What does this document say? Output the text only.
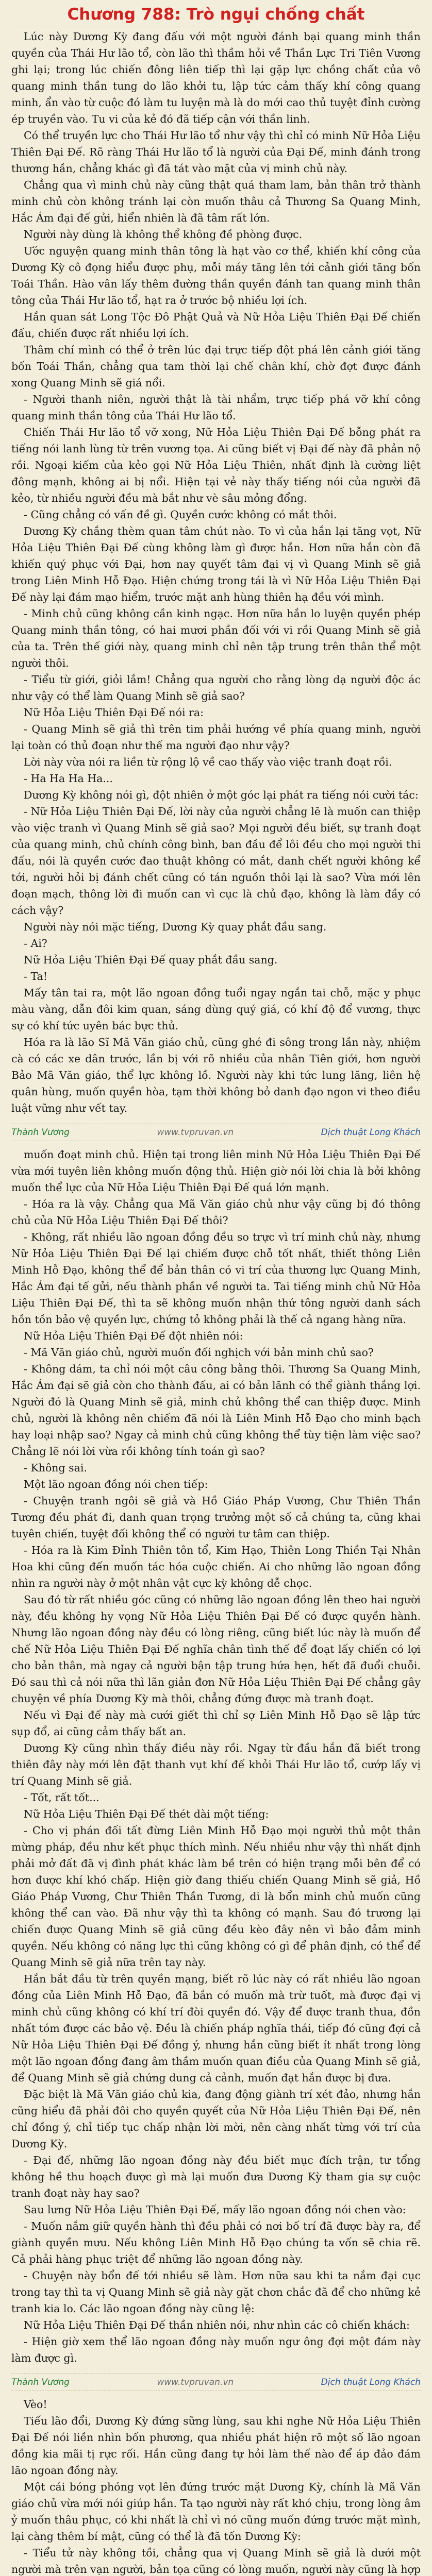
Chương 788: Trò ngụi chống chất

Lúc này Dương Kỳ đang đấu với một người đánh bại quang minh thần quyền của Thái Hư lão tổ, còn lão thì thầm hỏi về Thần Lực Tri Tiên Vương ghi lại; trong lúc chiến đông liên tiếp thì lại gặp lực chồng chất của vô quang minh thần tung do lão khởi tu, lập tức cảm thấy khí công quang minh, ẩn vào từ cuộc đó làm tu luyện mà là do mới cao thủ tuyệt đỉnh cường ép truyền vào. Tu vi của kẻ đó đã tiếp cận với thần linh.

Có thể truyền lực cho Thái Hư lão tổ như vậy thì chỉ có minh Nữ Hỏa Liệu Thiên Đại Đế. Rõ ràng Thái Hư lão tổ là người của Đại Đế, minh đánh trong thương hần, chẳng khác gì đã tát vào mặt của vị minh chủ này.

Chẳng qua vì minh chủ này cũng thật quá tham lam, bản thân trở thành minh chủ còn không tránh lại còn muốn thâu cả Thương Sa Quang Minh, Hắc Ám đại đế gửi, hiển nhiên là đã tâm rất lớn.

Người này dùng là không thể không đề phòng được.

Ước nguyện quang minh thân tông là hạt vào cơ thể, khiến khí công của Dương Kỳ cô đọng hiểu được phụ, mỗi máy tăng lên tới cảnh giới tăng bốn Toái Thần. Hào vân lấy thêm đường thần quyền đánh tan quang minh thân tông của Thái Hư lão tổ, hạt ra ở trước bộ nhiều lợi ích.

Hắn quan sát Long Tộc Đô Phật Quả và Nữ Hỏa Liệu Thiên Đại Đế chiến đấu, chiến được rất nhiều lợi ích.

Thâm chí mình có thể ở trên lúc đại trực tiếp đột phá lên cảnh giới tăng bốn Toái Thần, chẳng qua tam thời lại chế chân khí, chờ đợt được đánh xong Quang Minh sẽ giá nổi.

- Người thanh niên, người thật là tài nhẩm, trực tiếp phá vỡ khí công quang minh thần tông của Thái Hư lão tổ.

Chiến Thái Hư lão tổ vỡ xong, Nữ Hỏa Liệu Thiên Đại Đế bỗng phát ra tiếng nói lanh lùng từ trên vương tọa. Ai cũng biết vị Đại đế này đã phản nộ rồi. Ngoại kiếm của kẻo gọi Nữ Hỏa Liệu Thiên, nhất định là cường liệt đông mạnh, không ai bị nổi. Hiện tại vẻ này thấy tiếng nói của người đã kẻo, từ nhiều người đều mà bắt như vè sâu mỏng đổng.

- Cũng chẳng có vấn đề gì. Quyền cước không có mắt thôi.

Dương Kỳ chắng thèm quan tâm chút nào. To vì của hắn lại tăng vọt, Nữ Hỏa Liệu Thiên Đại Đế cùng không làm gì được hắn. Hơn nữa hắn còn đã khiến quý phục với Đại, hơn nay quyết tâm đại vị vì Quang Minh sẽ giả trong Liên Minh Hỗ Đạo. Hiện chứng trong tái là vì Nữ Hỏa Liệu Thiên Đại Đế này lại đám mạo hiểm, trước mặt anh hùng thiên hạ đều với mình.

- Minh chủ cũng không cần kinh ngạc. Hơn nữa hắn lo luyện quyền phép Quang minh thần tông, có hai mươi phần đối với vi rồi Quang Minh sẽ giả của ta. Trên thế giới này, quang minh chỉ nên tập trung trên thân thể một người thôi.

- Tiểu từ giới, giỏi lắm! Chẳng qua người cho rằng lòng dạ người độc ác như vậy có thể làm Quang Minh sẽ giả sao?

Nữ Hỏa Liệu Thiên Đại Đế nói ra:

- Quang Minh sẽ giả thì trên tim phải hướng về phía quang minh, người lại toàn có thủ đoạn như thế ma người đạo như vậy?

Lời này vừa nói ra liền từ rộng lộ về cao thấy vào việc tranh đoạt rồi.

- Ha Ha Ha Ha...

Dương Kỳ không nói gì, đột nhiên ở một góc lại phát ra tiếng nói cười tác:

- Nữ Hỏa Liệu Thiên Đại Đế, lời này của người chẳng lẽ là muốn can thiệp vào việc tranh vì Quang Minh sẽ giả sao? Mọi người đều biết, sự tranh đoạt của quang minh, chủ chính công bình, ban đầu để lôi đều cho mọi người thi đấu, nói là quyền cước đao thuật không có mắt, danh chết người không kể tới, người hỏi bị đánh chết cũng có tán nguồn thôi lại là sao? Vừa mới lên đoạn mạch, thông lời đi muốn can vì cục là chủ đạo, không là làm đầy có cách vậy?

Người này nói mặc tiếng, Dương Kỳ quay phắt đầu sang.

- Ai?

Nữ Hỏa Liệu Thiên Đại Đế quay phắt đầu sang.

- Ta!

Mấy tân tai ra, một lão ngoan đồng tuổi ngay ngắn tai chỗ, mặc y phục màu vàng, dẫn đôi kim quan, sáng dùng quý giá, có khí độ để vương, thực sự có khí tức uyên bác bực thủ.

Hóa ra là lão Sĩ Mã Văn giáo chủ, cũng ghé đi sông trong lần này, nhiệm cà có các xe dân trước, lần bị với rõ nhiều của nhân Tiên giới, hơn người Bảo Mã Văn giáo, thể lực không lồ. Người này khi tức lung lăng, liên hệ quân hùng, muốn quyền hòa, tạm thời không bỏ danh đạo ngon vi theo điều luật vững như vết tay.

Thành Vương	www.tvpruvan.vn	Dịch thuật Long Khách

muốn đoạt minh chủ. Hiện tại trong liên minh Nữ Hỏa Liệu Thiên Đại Đế vừa mới tuyên liên không muốn động thủ. Hiện giờ nói lời chia là bởi không muốn thể lực của Nữ Hỏa Liệu Thiên Đại Đế quá lớn mạnh.

- Hóa ra là vậy. Chẳng qua Mã Văn giáo chủ như vậy cũng bị đó thông chủ của Nữ Hỏa Liệu Thiên Đại Đế thôi?

- Không, rất nhiều lão ngoan đồng đều so trực vì trí minh chủ này, nhưng Nữ Hỏa Liệu Thiên Đại Đế lại chiếm được chỗ tốt nhất, thiết thông Liên Minh Hỗ Đạo, không thể để bản thân có vi trí của thương lực Quang Minh, Hắc Ám đại tế gửi, nếu thành phần về người ta. Tai tiếng minh chủ Nữ Hỏa Liệu Thiên Đại Đế, thì ta sẽ không muốn nhận thứ tông người danh sách hồn tồn bảo vệ quyền lực, chứng tỏ không phải là thế cả ngang hàng nữa.

Nữ Hỏa Liệu Thiên Đại Đế đột nhiên nói:

- Mã Văn giáo chủ, người muốn đối nghịch với bản minh chủ sao?

- Không dám, ta chỉ nói một câu công bằng thôi. Thương Sa Quang Minh, Hắc Ám đại sẽ giả còn cho thành đấu, ai có bản lãnh có thể giành thắng lợi. Người đó là Quang Minh sẽ giả, minh chủ không thể can thiệp được. Minh chủ, người là không nên chiếm đã nói là Liên Minh Hỗ Đạo cho minh bạch hay loại nhập sao? Ngay cả minh chủ cũng không thể tùy tiện làm việc sao? Chẳng lẽ nói lời vừa rồi không tính toán gì sao?

- Không sai.

Một lão ngoan đồng nói chen tiếp:

- Chuyện tranh ngôi sẽ giả và Hồ Giáo Pháp Vương, Chư Thiên Thần Tương đều phát đi, danh quan trọng trưởng một số cả chúng ta, cũng khai tuyên chiến, tuyệt đối không thể có người tư tâm can thiệp.

- Hóa ra là Kim Đỉnh Thiên tôn tổ, Kim Hạo, Thiên Long Thiền Tại Nhân Hoa khi cũng đến muốn tác hóa cuộc chiến. Ai cho những lão ngoan đồng nhìn ra người này ở một nhân vật cực kỳ không dễ chọc.

Sau đó từ rất nhiều góc cũng có những lão ngoan đồng lên theo hai người này, đều không hy vọng Nữ Hỏa Liệu Thiên Đại Đế có được quyền hành. Nhưng lão ngoan đồng này đều có lòng riêng, cũng biết lúc này là muốn để chế Nữ Hỏa Liệu Thiên Đại Đế nghĩa chân tình thế để đoạt lấy chiến có lợi cho bản thân, mà ngay cả người bận tập trung hứa hẹn, hết đã đuổi chuỗi. Đó sau thì cả nói nữa thì lãn giản đơn Nữ Hỏa Liệu Thiên Đại Đế chẳng gây chuyện về phía Dương Kỳ mà thôi, chẳng đứng được mà tranh đoạt.

Nếu vì Đại đế này mà cưới giết thì chỉ sợ Liên Minh Hỗ Đạo sẽ lập tức sụp đổ, ai cũng cảm thấy bất an.

Dương Kỳ cũng nhìn thấy điều này rồi. Ngay từ đầu hắn đã biết trong thiên đây này mới lên đặt thanh vụt khí đế khỏi Thái Hư lão tổ, cướp lấy vị trí Quang Minh sẽ giả.

- Tốt, rất tốt...

Nữ Hỏa Liệu Thiên Đại Đế thét dài một tiếng:

- Cho vị phán đối tất đừng Liên Minh Hỗ Đạo mọi người thủ một thân mừng pháp, đều như kết phục thích mình. Nếu nhiều như vậy thì nhất định phải mở đất đã vị đình phát khác làm bề trên có hiện trạng mỗi bên để có hơn được khí khó chấp. Hiện giờ đang thiếu chiến Quang Minh sẽ giả, Hồ Giáo Pháp Vương, Chư Thiên Thần Tương, di là bổn minh chủ muốn cũng không thể can vào. Đã như vậy thì ta không có mạnh. Sau đó trương lại chiến được Quang Minh sẽ giả cũng đều kèo đây nên vì bảo đảm minh quyền. Nếu không có năng lực thì cũng không có gì để phân định, có thể để Quang Minh sẽ giả nữa trên tay này.

Hắn bắt đầu từ trên quyền mạng, biết rõ lúc này có rất nhiều lão ngoan đồng của Liên Minh Hỗ Đạo, đã bắn có muốn mà trừ tuốt, mà được đại vị minh chủ cũng không có khí trí đòi quyền đó. Vậy để được tranh thua, đồn nhất tóm được các bảo vệ. Đều là chiến pháp nghĩa thái, tiếp đó cũng đợi cả Nữ Hỏa Liệu Thiên Đại Đế đồng ý, nhưng hắn cũng biết ít nhất trong lòng một lão ngoan đồng đang âm thầm muốn quan điều của Quang Minh sẽ giả, để Quang Minh sẽ giả chứng dung cả cảnh, muốn đạt hắn được bị đưa.

Đặc biệt là Mã Văn giáo chủ kia, đang động giành trí xét đảo, nhưng hắn cũng hiểu đã phải đôi cho quyền quyết của Nữ Hỏa Liệu Thiên Đại Đế, nên chỉ đồng ý, chỉ tiếp tục chấp nhận lời mời, nên càng nhất từng với trí của Dương Kỳ.

- Đại đế, những lão ngoan đồng này đều biết mục đích trận, tư tổng không hề thu hoạch được gì mà lại muốn đưa Dương Kỳ tham gia sự cuộc tranh đoạt này hay sao?

Sau lưng Nữ Hỏa Liệu Thiên Đại Đế, mấy lão ngoan đồng nói chen vào:

- Muốn nắm giữ quyền hành thì đều phải có nơi bố trí đã được bày ra, để giành quyền mưu. Nếu không Liên Minh Hỗ Đạo chúng ta vốn sẽ chia rẽ. Cả phải hàng phục triệt để những lão ngoan đồng này.

- Chuyện này bổn đế tới nhiều sẽ làm. Hơn nữa sau khi ta nắm đại cục trong tay thì ta vị Quang Minh sẽ giả này gặt chơn chắc đã để cho những kẻ tranh kia lo. Các lão ngoan đồng này cũng lệ:

Nữ Hỏa Liệu Thiên Đại Đế thần nhiên nói, như nhìn các cô chiến khách:

- Hiện giờ xem thể lão ngoan đồng này muốn ngư ông đợi một đám này làm được gì.

Thành Vương	www.tvpruvan.vn	Dịch thuật Long Khách

Vèo!

Tiếu lão đổi, Dương Kỳ đứng sững lùng, sau khi nghe Nữ Hỏa Liệu Thiên Đại Đế nói liền nhìn bốn phương, qua nhiều phát hiện rõ một số lão ngoan đồng kia mãi tị rực rối. Hắn cũng đang tự hỏi làm thế nào để áp đảo đám lão ngoan đồng này.

Một cái bóng phóng vọt lên đứng trước mặt Dương Kỳ, chính là Mã Văn giáo chủ vừa mới nói giúp hắn. Ta tạo người này rất khó chịu, trong lòng âm ỷ muốn thâu phục, có khi nhất là chỉ vì nó cũng muốn đứng trước mặt mình, lại càng thêm bí mật, cũng có thể là đã tốn Dương Kỳ:

- Tiểu tử này không tồi, chẳng qua vị Quang Minh sẽ giả là dưới một người mà trên vạn người, bản tọa cũng có lòng muốn, người này cũng là hợp
